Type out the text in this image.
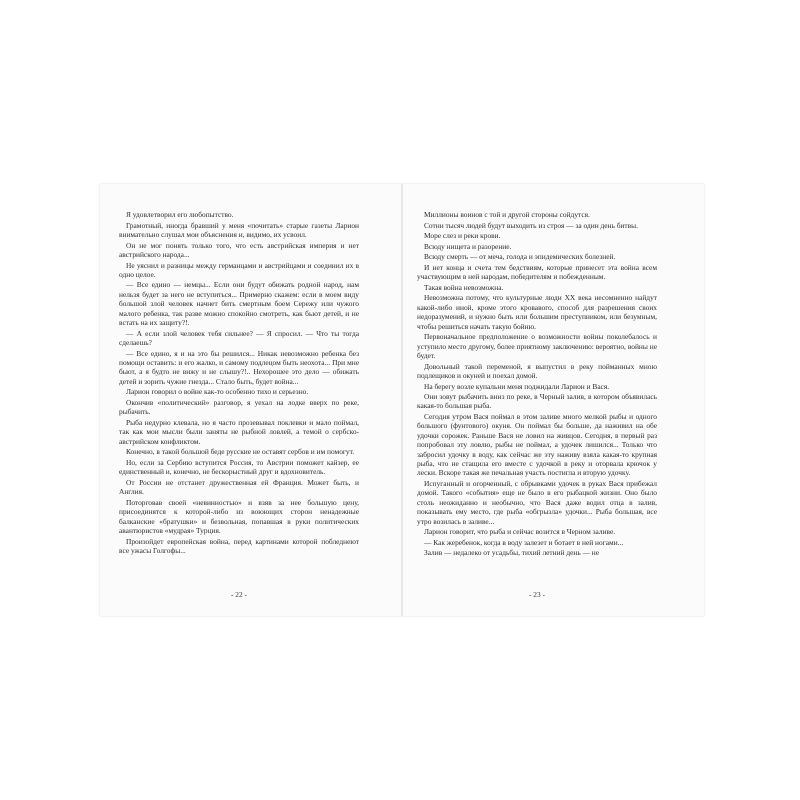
Я удовлетворил его любопытство.

Грамотный, иногда бравший у меня «почитать» старые газеты Ларион внимательно слушал мои объяснения и, видимо, их усвоил.

Он не мог понять только того, что есть австрийская империя и нет австрийского народа...

Не уяснил и разницы между германцами и австрийцами и соединил их в одно целое.

— Все едино — немцы... Если они будут обижать родной народ, нам нельзя будет за него не вступиться... Примерно скажем: если в моем виду большой злой человек начнет бить смертным боем Сережу или чужого малого ребенка, так разве можно спокойно смотреть, как бьют детей, и не встать на их защиту?!.

— А если злой человек тебя сильнее? — Я спросил. — Что ты тогда сделаешь?

— Все едино, я и на это бы решился... Никак невозможно ребенка без помощи оставить: и его жалко, и самому подлецом быть неохота... При мне бьют, а я будто не вижу и не слышу?!.. Нехорошее это дело — обижать детей и зорить чужие гнезда... Стало быть, будет война...

Ларион говорил о войне как-то особенно тихо и серьезно.

Окончив «политический» разговор, я уехал на лодке вверх по реке, рыбачить.

Рыба недурно клевала, но я часто прозевывал поклевки и мало поймал, так как мои мысли были заняты не рыбной ловлей, а темой о сербско-австрийском конфликтом.

Конечно, в такой большой беде русские не оставят сербов и им помогут.

Но, если за Сербию вступится Россия, то Австрии поможет кайзер, ее единственный и, конечно, не бескорыстный друг и вдохновитель.

От России не отстанет дружественная ей Франция. Может быть, и Англия.

Поторговав своей «невинностью» и взяв за нее большую цену, присоединятся к которой-либо из воюющих сторон ненадежные балканские «братушки» и безвольная, попавшая в руки политических авантюристов «мудрая» Турция.

Произойдет европейская война, перед картинами которой побледнеют все ужасы Голгофы...

- 22 -

Миллионы воинов с той и другой стороны сойдутся.

Сотни тысяч людей будут выходить из строя — за один день битвы.

Море слез и реки крови.

Всюду нищета и разорение.

Всюду смерть — от меча, голода и эпидемических болезней.

И нет конца и счета тем бедствиям, которые принесет эта война всем участвующим в ней народам, победителям и побежденным.

Такая война невозможна.

Невозможна потому, что культурные люди XX века несомненно найдут какой-либо иной, кроме этого кровавого, способ для разрешения своих недоразумений, и нужно быть или большим преступником, или безумным, чтобы решиться начать такую бойню.

Первоначальное предположение о возможности войны поколебалось и уступило место другому, более приятному заключению: вероятно, войны не будет.

Довольный такой переменой, я выпустил в реку пойманных мною подлещиков и окуней и поехал домой.

На берегу возле купальни меня поджидали Ларион и Вася.

Они зовут рыбачить вниз по реке, в Черный залив, в котором объявилась какая-то большая рыба.

Сегодня утром Вася поймал в этом заливе много мелкой рыбы и одного большого (фунтового) окуня. Он поймал бы больше, да наживил на обе удочки сорожек. Раньше Вася не ловил на живцов. Сегодня, в первый раз попробовал эту ловлю, рыбы не поймал, а удочек лишился... Только что забросил удочку в воду, как сейчас же эту наживу взяла какая-то крупная рыба, что не стащила его вместе с удочкой в реку и оторвала крючок у лески. Вскоре такая же печальная участь постигла и вторую удочку.

Испуганный и огорченный, с обрывками удочек в руках Вася прибежал домой. Такого «события» еще не было в его рыбацкой жизни. Оно было столь неожиданно и необычно, что Вася даже водил отца в залив, показывать ему место, где рыба «обгрызла» удочки... Рыба большая, все утро возилась в заливе...

Ларион говорит, что рыба и сейчас возится в Черном заливе.

— Как жеребенок, когда в воду залезет и ботает в ней ногами...

Залив — недалеко от усадьбы, тихий летний день — не

- 23 -
